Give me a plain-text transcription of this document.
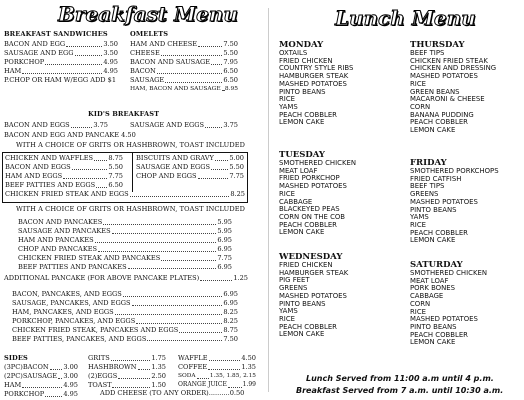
Breakfast Menu	Lunch Menu
BREAKFAST SANDWICHES
BACON AND EGG	3.50
SAUSAGE AND EGG	3.50
PORKCHOP	4.95
HAM	4.95
P.CHOP OR HAM W/EGG ADD $1
OMELETS
HAM AND CHEESE	7.50
CHEESE	5.50
BACON AND SAUSAGE 7.95
BACON	6.50
SAUSAGE	6.50
HAM, BACON AND SAUSAGE 8.95
KID'S BREAKFAST
BACON AND EGGS	3.75	SAUSAGE AND EGGS	3.75
BACON AND EGG AND PANCAKE 4.50
WITH A CHOICE OF GRITS OR HASHBROWN, TOAST INCLUDED
CHICKEN AND WAFFLES 8.75
BACON AND EGGS	5.50
HAM AND EGGS	7.75
BEEF PATTIES AND EGGS 6.50
BISCUITS AND GRAVY 5.00
SAUSAGE AND EGGS	5.50
CHOP AND EGGS	7.75
CHICKEN FRIED STEAK AND EGGS	8.25
WITH A CHOICE OF GRITS OR HASHBROWN, TOAST INCLUDED
BACON AND PANCAKES	5.95
SAUSAGE AND PANCAKES	5.95
HAM AND PANCAKES	6.95
CHOP AND PANCAKES	6.95
CHICKEN FRIED STEAK AND PANCAKES	7.75
BEEF PATTIES AND PANCAKES	6.95
ADDITIONAL PANCAKE (FOR ABOVE PANCAKE PLATES)	1.25
BACON, PANCAKES, AND EGGS	6.95
SAUSAGE, PANCAKES, AND EGGS	6.95
HAM, PANCAKES, AND EGGS	8.25
PORKCHOP, PANCAKES, AND EGGS	8.25
CHICKEN FRIED STEAK, PANCAKES AND EGGS	8.75
BEEF PATTIES, PANCAKES, AND EGGS	7.50
SIDES
(3PC)BACON 3.00
(2PC)SAUSAGE 3.00
HAM	4.95
PORKCHOP	4.95
GRITS	1.75
HASHBROWN 1.35
(2)EGGS	2.50
TOAST	1.50
WAFFLE	4.50
COFFEE	1.35
SODA 1.35, 1.85, 2.15
ORANGE JUICE	1.99
ADD CHEESE (TO ANY ORDER)..........0.50
MONDAY
OXTAILS
FRIED CHICKEN
COUNTRY STYLE RIBS
HAMBURGER STEAK
MASHED POTATOES
PINTO BEANS
RICE
YAMS
PEACH COBBLER
LEMON CAKE
TUESDAY
SMOTHERED CHICKEN
MEAT LOAF
FRIED PORKCHOP
MASHED POTATOES
RICE
CABBAGE
BLACKEYED PEAS
CORN ON THE COB
PEACH COBBLER
LEMON CAKE
WEDNESDAY
FRIED CHICKEN
HAMBURGER STEAK
PIG FEET
GREENS
MASHED POTATOES
PINTO BEANS
YAMS
RICE
PEACH COBBLER
LEMON CAKE
THURSDAY
BEEF TIPS
CHICKEN FRIED STEAK
CHICKEN AND DRESSING
MASHED POTATOES
RICE
GREEN BEANS
MACARONI & CHEESE
CORN
BANANA PUDDING
PEACH COBBLER
LEMON CAKE
FRIDAY
SMOTHERED PORKCHOPS
FRIED CATFISH
BEEF TIPS
GREENS
MASHED POTATOES
PINTO BEANS
YAMS
RICE
PEACH COBBLER
LEMON CAKE
SATURDAY
SMOTHERED CHICKEN
MEAT LOAF
PORK BONES
CABBAGE
CORN
RICE
MASHED POTATOES
PINTO BEANS
PEACH COBBLER
LEMON CAKE
Lunch Served from 11:00 a.m until 4 p.m.
Breakfast Served from 7 a.m. until 10:30 a.m.
